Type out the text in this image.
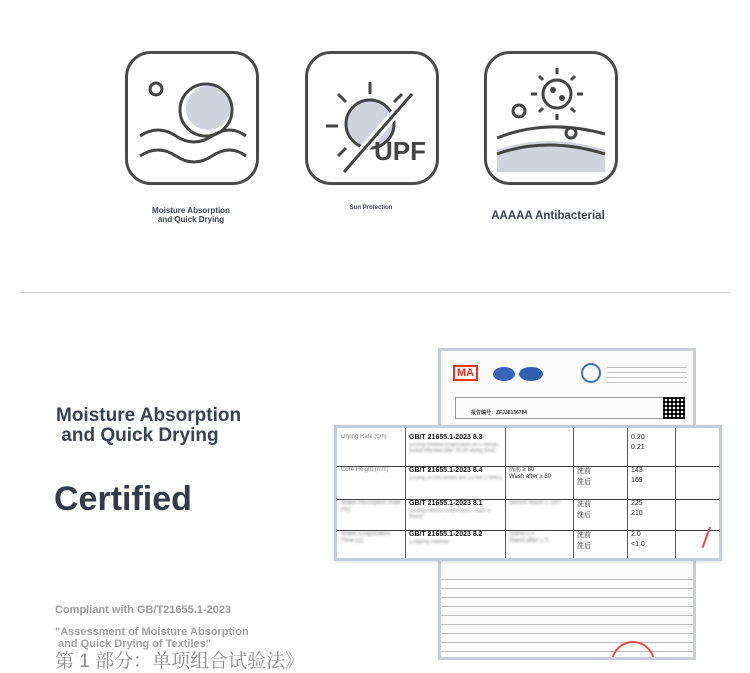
UPF
Moisture Absorption
and Quick Drying
Sun Protection
AAAAA Antibacterial
Moisture Absorption
and Quick Drying
Certified
Compliant with GB/T21655.1-2023
"Assessment of Moisture Absorption
and Quick Drying of Textiles"
第 1 部分：单项组合试验法》
MA
报告编号：ZFJJ8136784
Drying Rate (g/h)	GB/T 21655.1-2023 8.3
(Drying method evaporation for 1 minute, tested effective after 20.20 drying time)
0.20
0.21
Core Height (mm)	GB/T 21655.1-2023 8.4
(Drying 30 min before test 30 min 5 times)
洗前 ≥ 80
Wash after ≥ 80
洗前
洗后
143
169
Water Absorption Rate (%)
GB/T 21655.1-2023 8.1
(Drying method evaporation, Wash 5 times)
Before Wash ≥ 200 洗前
洗后
225
210
Water Evaporation Time (s)
GB/T 21655.1-2023 8.2
(Dripping method)
Stand ≤ 5
Stand after ≤ 5
洗前
洗后
2.0
<1.0
